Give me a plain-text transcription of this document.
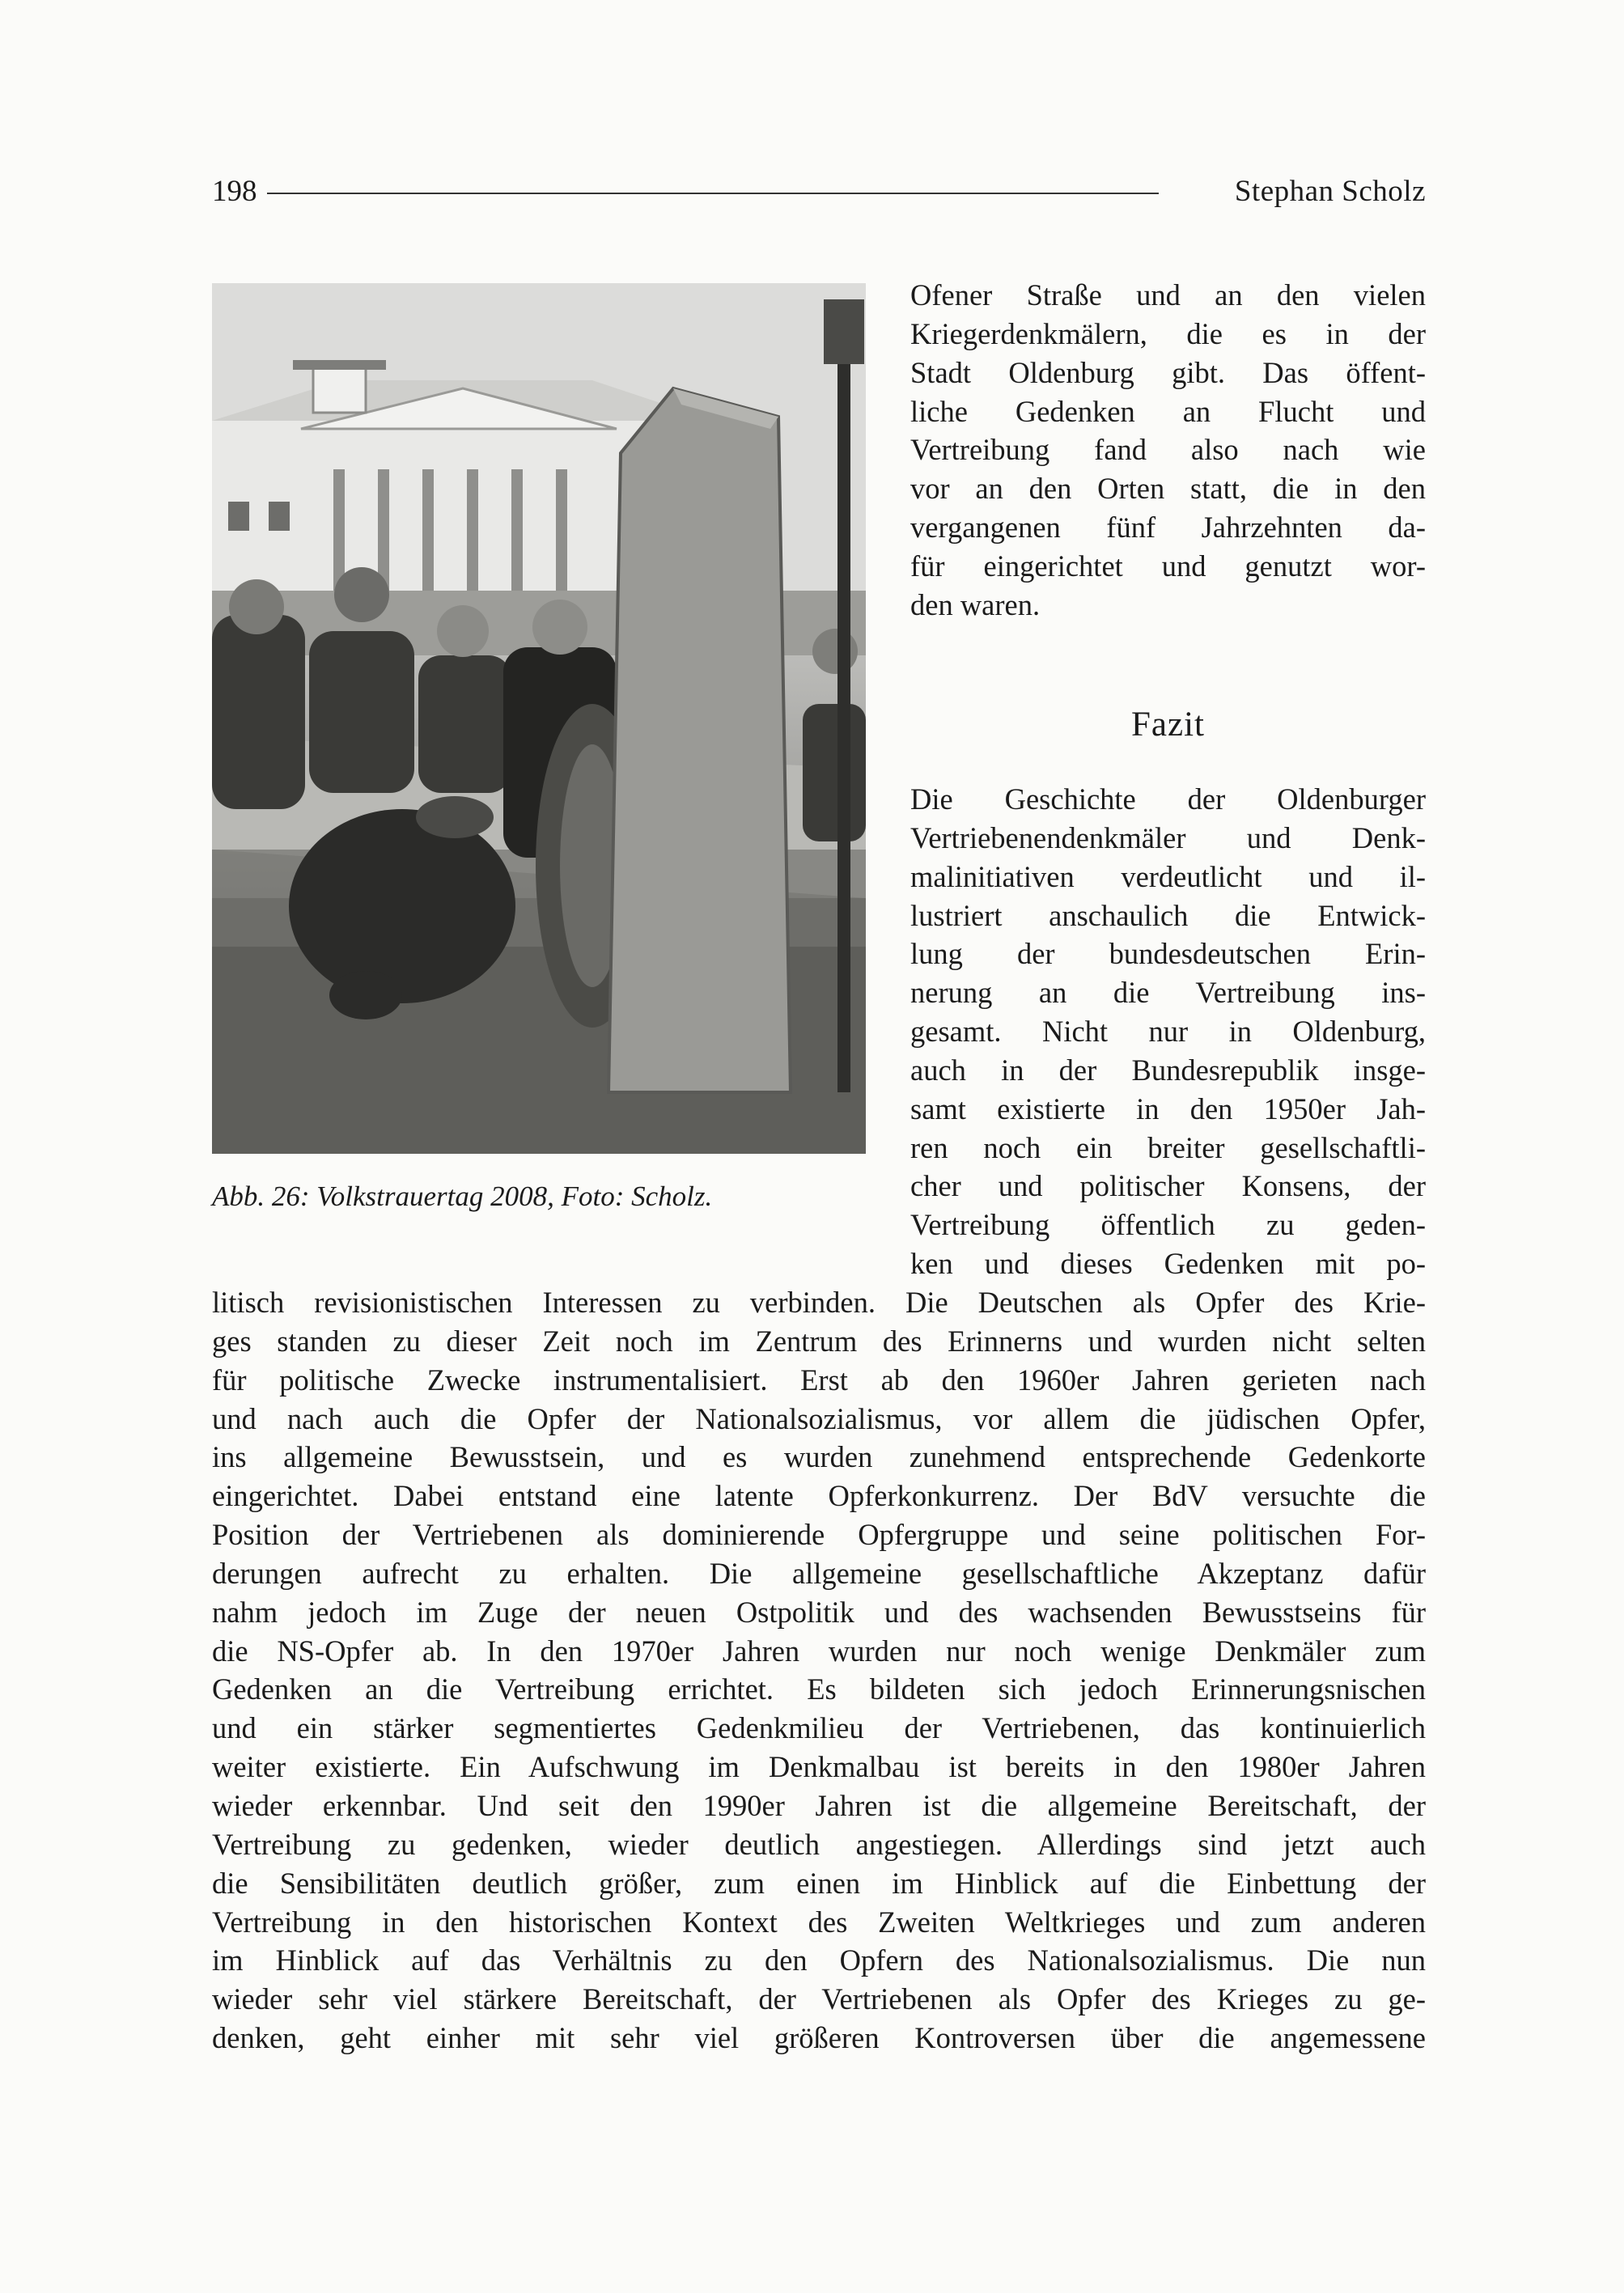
198	Stephan Scholz
Abb. 26: Volkstrauertag 2008, Foto: Scholz.
Ofener Straße und an den vielen
Kriegerdenkmälern, die es in der
Stadt Oldenburg gibt. Das öffent-
liche Gedenken an Flucht und
Vertreibung fand also nach wie
vor an den Orten statt, die in den
vergangenen fünf Jahrzehnten da-
für eingerichtet und genutzt wor-
den waren.
Fazit
Die Geschichte der Oldenburger
Vertriebenendenkmäler und Denk-
malinitiativen verdeutlicht und il-
lustriert anschaulich die Entwick-
lung der bundesdeutschen Erin-
nerung an die Vertreibung ins-
gesamt. Nicht nur in Oldenburg,
auch in der Bundesrepublik insge-
samt existierte in den 1950er Jah-
ren noch ein breiter gesellschaftli-
cher und politischer Konsens, der
Vertreibung öffentlich zu geden-
ken und dieses Gedenken mit po-
litisch revisionistischen Interessen zu verbinden. Die Deutschen als Opfer des Krie-
ges standen zu dieser Zeit noch im Zentrum des Erinnerns und wurden nicht selten
für politische Zwecke instrumentalisiert. Erst ab den 1960er Jahren gerieten nach
und nach auch die Opfer der Nationalsozialismus, vor allem die jüdischen Opfer,
ins allgemeine Bewusstsein, und es wurden zunehmend entsprechende Gedenkorte
eingerichtet. Dabei entstand eine latente Opferkonkurrenz. Der BdV versuchte die
Position der Vertriebenen als dominierende Opfergruppe und seine politischen For-
derungen aufrecht zu erhalten. Die allgemeine gesellschaftliche Akzeptanz dafür
nahm jedoch im Zuge der neuen Ostpolitik und des wachsenden Bewusstseins für
die NS-Opfer ab. In den 1970er Jahren wurden nur noch wenige Denkmäler zum
Gedenken an die Vertreibung errichtet. Es bildeten sich jedoch Erinnerungsnischen
und ein stärker segmentiertes Gedenkmilieu der Vertriebenen, das kontinuierlich
weiter existierte. Ein Aufschwung im Denkmalbau ist bereits in den 1980er Jahren
wieder erkennbar. Und seit den 1990er Jahren ist die allgemeine Bereitschaft, der
Vertreibung zu gedenken, wieder deutlich angestiegen. Allerdings sind jetzt auch
die Sensibilitäten deutlich größer, zum einen im Hinblick auf die Einbettung der
Vertreibung in den historischen Kontext des Zweiten Weltkrieges und zum anderen
im Hinblick auf das Verhältnis zu den Opfern des Nationalsozialismus. Die nun
wieder sehr viel stärkere Bereitschaft, der Vertriebenen als Opfer des Krieges zu ge-
denken, geht einher mit sehr viel größeren Kontroversen über die angemessene
